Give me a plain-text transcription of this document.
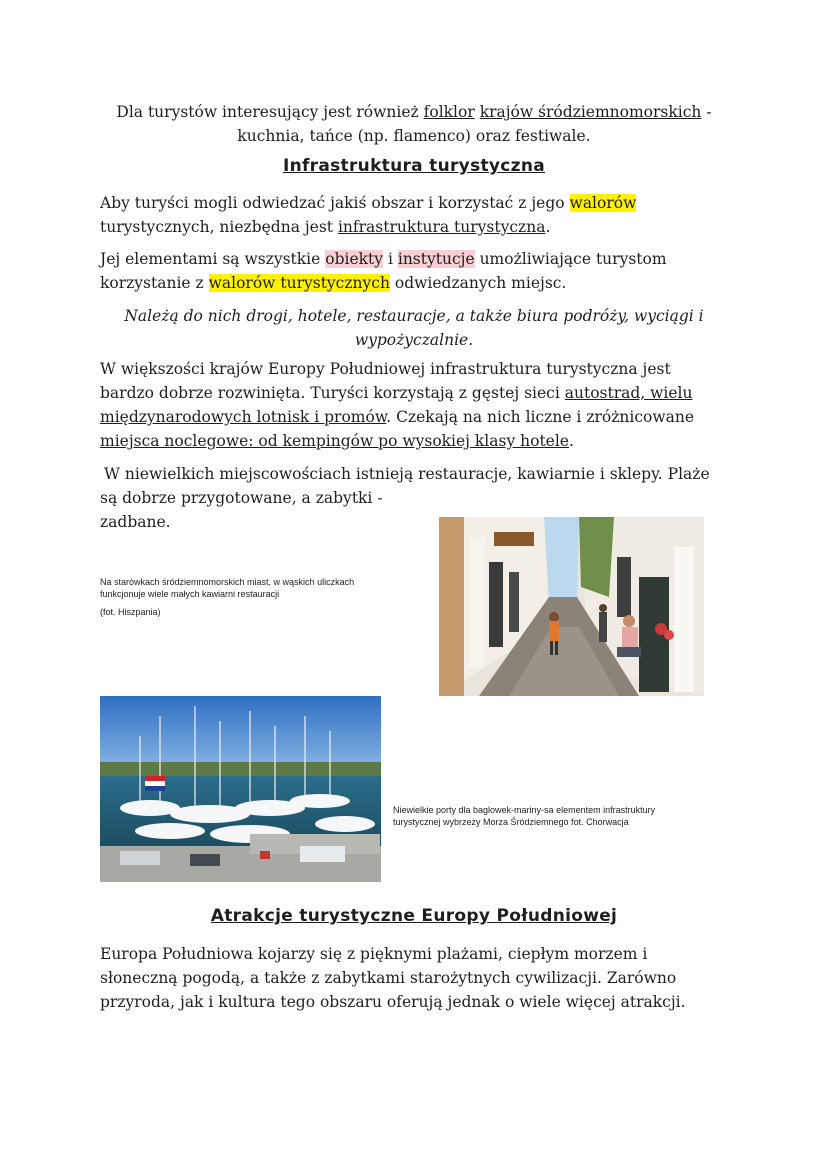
Dla turystów interesujący jest również folklor krajów śródziemnomorskich -

kuchnia, tańce (np. flamenco) oraz festiwale.

Infrastruktura turystyczna

Aby turyści mogli odwiedzać jakiś obszar i korzystać z jego walorów

turystycznych, niezbędna jest infrastruktura turystyczna.

Jej elementami są wszystkie obiekty i instytucje umożliwiające turystom

korzystanie z walorów turystycznych odwiedzanych miejsc.

Należą do nich drogi, hotele, restauracje, a także biura podróży, wyciągi i

wypożyczalnie.

W większości krajów Europy Południowej infrastruktura turystyczna jest

bardzo dobrze rozwinięta. Turyści korzystają z gęstej sieci autostrad, wielu

międzynarodowych lotnisk i promów. Czekają na nich liczne i zróżnicowane

miejsca noclegowe: od kempingów po wysokiej klasy hotele.

W niewielkich miejscowościach istnieją restauracje, kawiarnie i sklepy. Plaże

są dobrze przygotowane, a zabytki -

zadbane.

Na starówkach śródziemnomorskich miast, w wąskich uliczkach

funkcjonuje wiele małych kawiarni restauracji

(fot. Hiszpania)

Niewielkie porty dla baglowek-mariny-sa elementem infrastruktury

turystycznej wybrzeży Morza Śródziemnego fot. Chorwacja

Atrakcje turystyczne Europy Południowej

Europa Południowa kojarzy się z pięknymi plażami, ciepłym morzem i

słoneczną pogodą, a także z zabytkami starożytnych cywilizacji. Zarówno

przyroda, jak i kultura tego obszaru oferują jednak o wiele więcej atrakcji.
